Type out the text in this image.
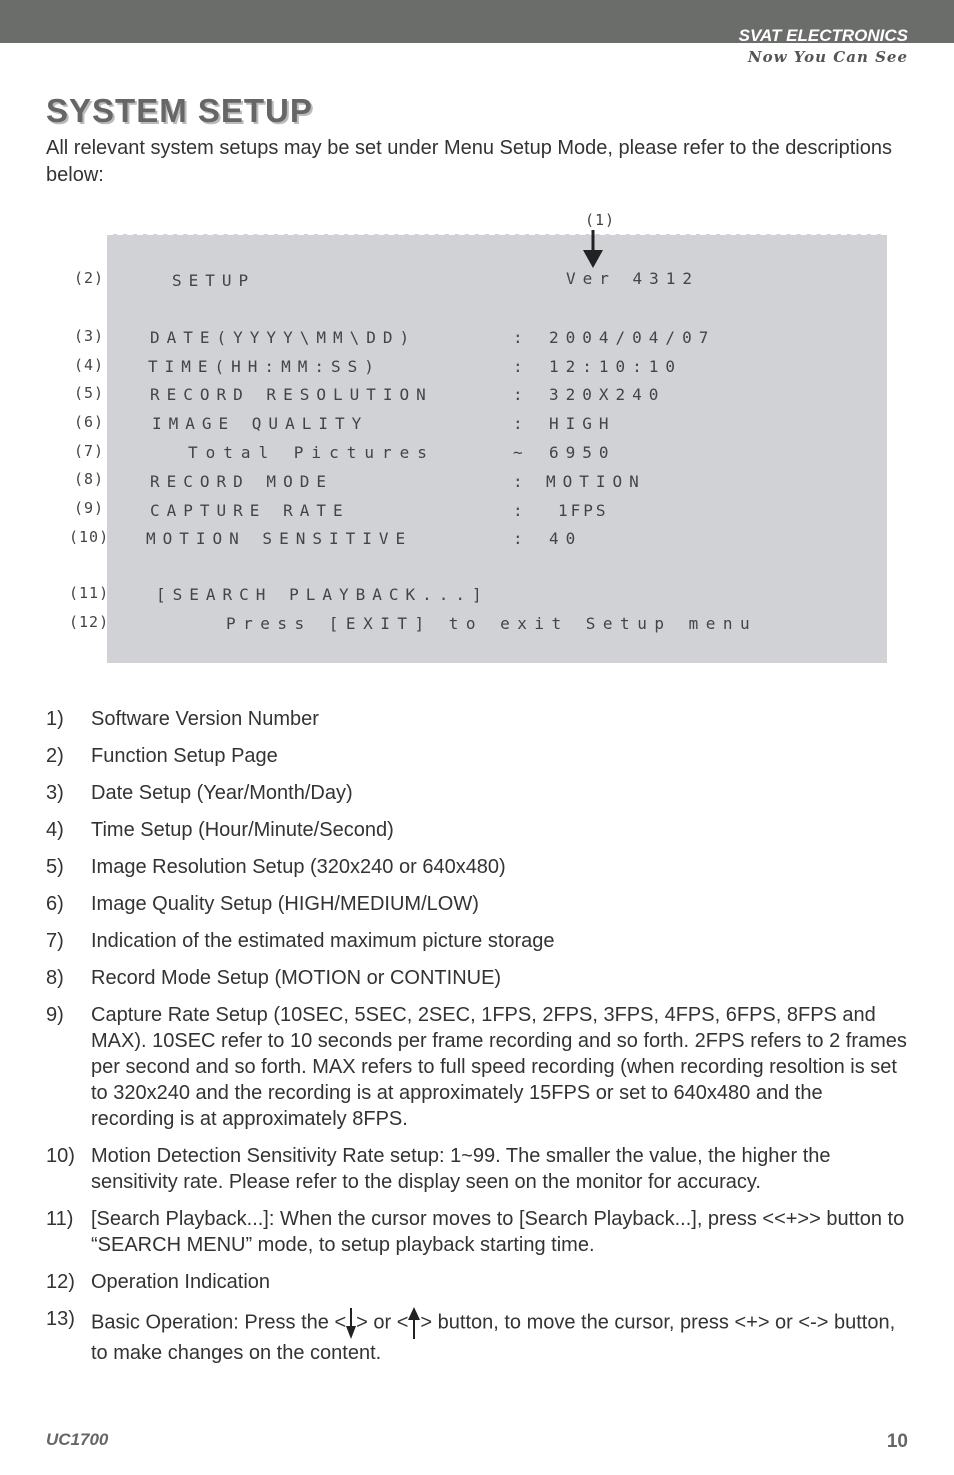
SVAT ELECTRONICS
Now You Can See
SYSTEM SETUP

All relevant system setups may be set under Menu Setup Mode, please refer to the descriptions below:

(1)
(2)
(3)
(4)
(5)
(6)
(7)
(8)
(9)
(10)
(11)
(12)
SETUP	Ver 4312
DATE(YYYY\MM\DD)	: 2004/04/07
TIME(HH:MM:SS)	: 12:10:10
RECORD RESOLUTION	: 320X240
IMAGE QUALITY	: HIGH
Total Pictures	~ 6950
RECORD MODE	: MOTION
CAPTURE RATE	: 1FPS
MOTION SENSITIVE	: 40
[SEARCH PLAYBACK...]
Press [EXIT] to exit Setup menu
1) Software Version Number
2) Function Setup Page
3) Date Setup (Year/Month/Day)
4) Time Setup (Hour/Minute/Second)
5) Image Resolution Setup (320x240 or 640x480)
6) Image Quality Setup (HIGH/MEDIUM/LOW)
7) Indication of the estimated maximum picture storage
8) Record Mode Setup (MOTION or CONTINUE)
9) Capture Rate Setup (10SEC, 5SEC, 2SEC, 1FPS, 2FPS, 3FPS, 4FPS, 6FPS, 8FPS and MAX). 10SEC refer to 10 seconds per frame recording and so forth. 2FPS refers to 2 frames per second and so forth. MAX refers to full speed recording (when recording resoltion is set to 320x240 and the recording is at approximately 15FPS or set to 640x480 and the recording is at approximately 8FPS.
10) Motion Detection Sensitivity Rate setup: 1~99. The smaller the value, the higher the sensitivity rate. Please refer to the display seen on the monitor for accuracy.
11) [Search Playback...]: When the cursor moves to [Search Playback...], press <<+>> button to “SEARCH MENU” mode, to setup playback starting time.
12) Operation Indication
13) Basic Operation: Press the < > or < > button, to move the cursor, press <+> or <-> button, to make changes on the content.
UC1700	10
